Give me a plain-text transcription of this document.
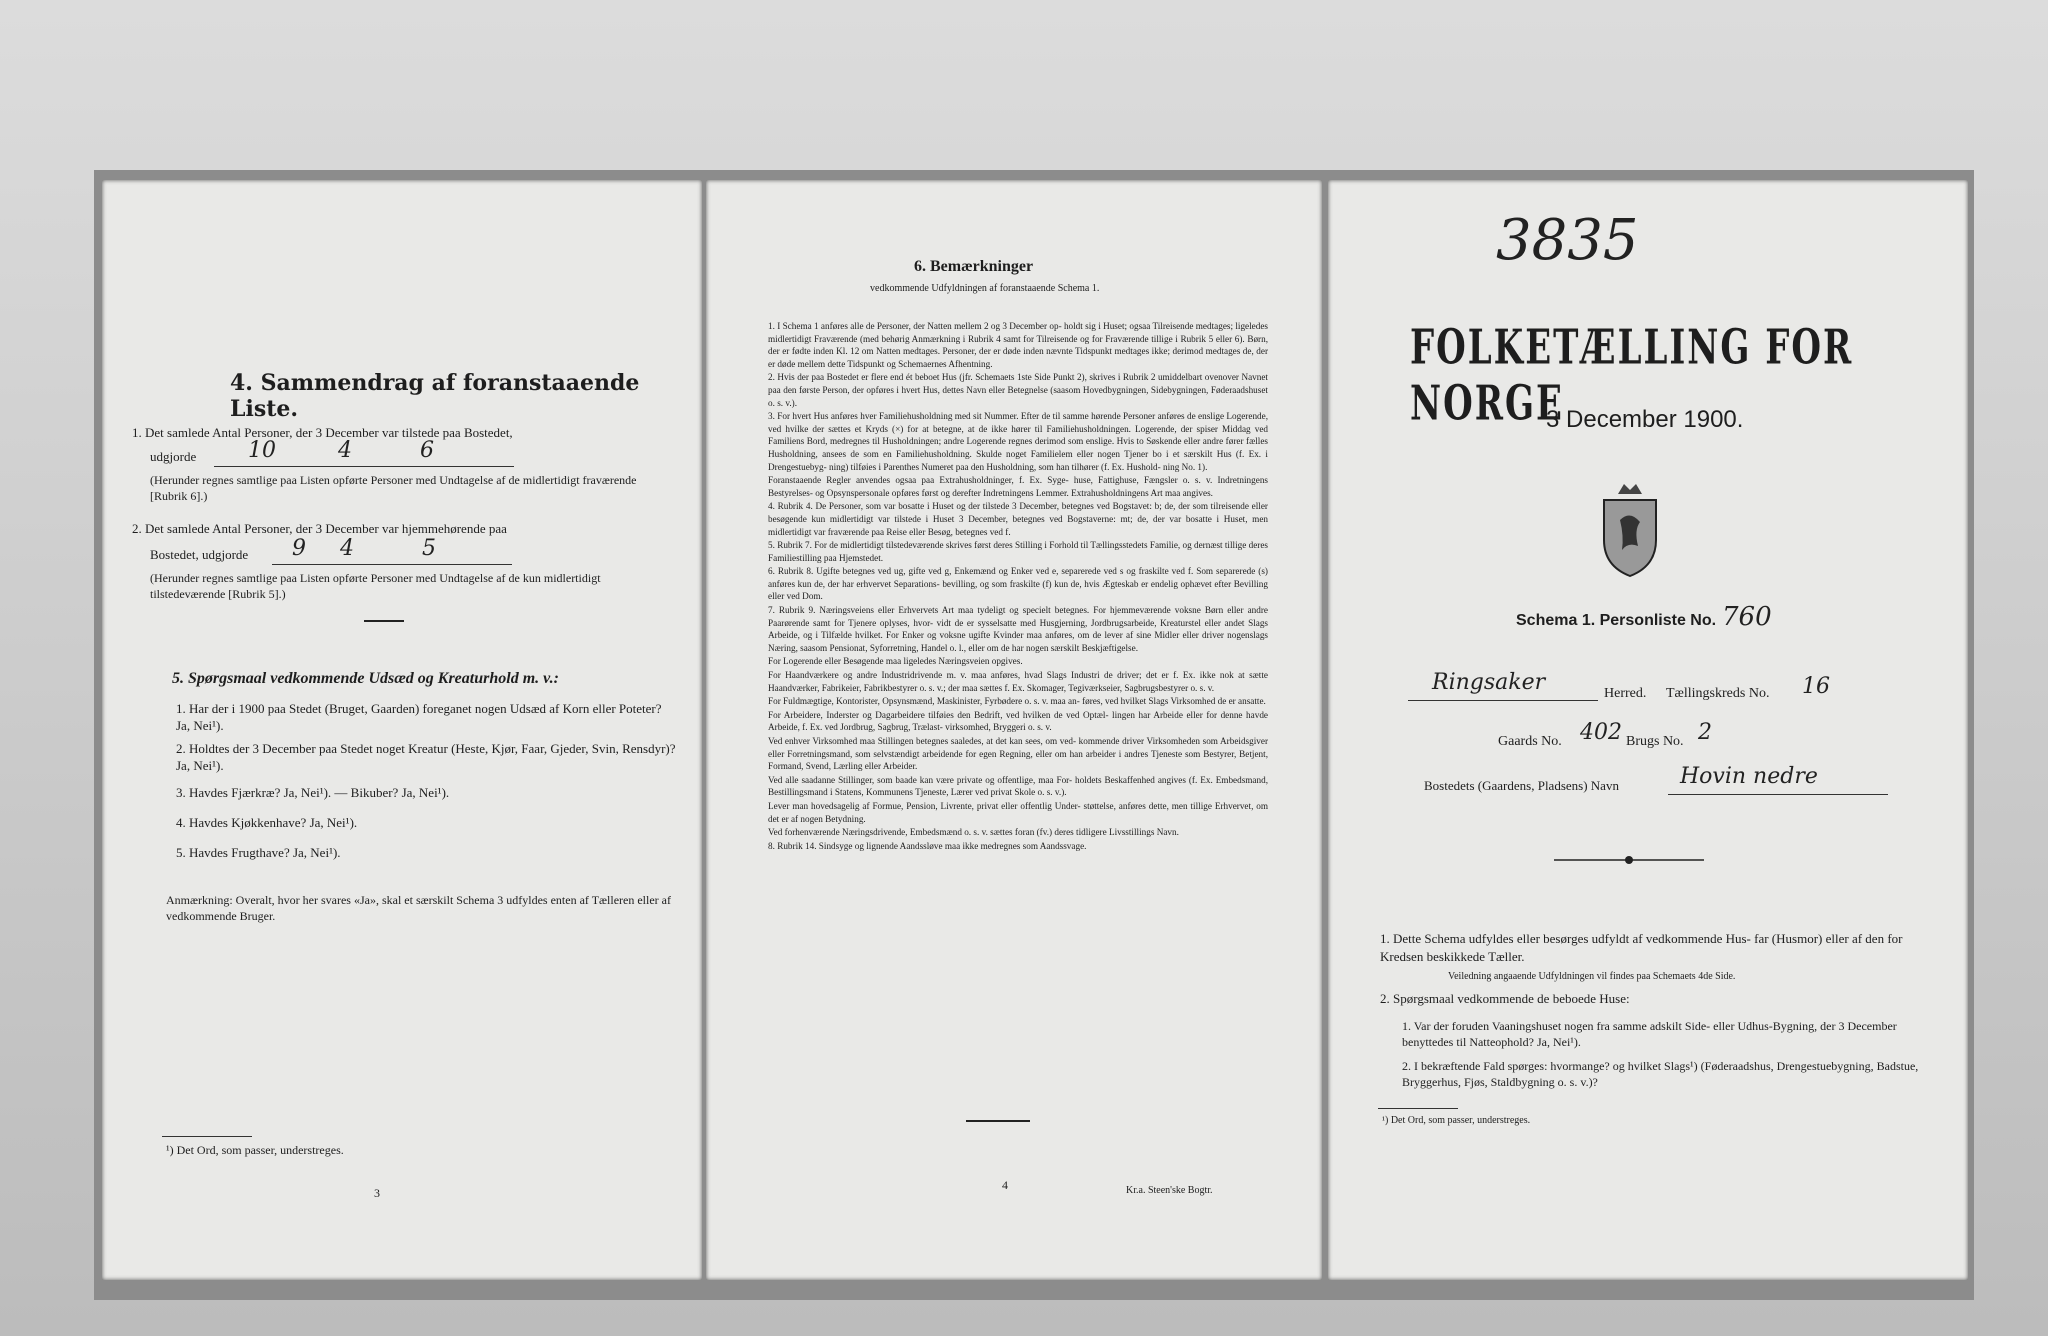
4. Sammendrag af foranstaaende Liste.
1. Det samlede Antal Personer, der 3 December var tilstede paa Bostedet,
udgjorde 10	4	6
(Herunder regnes samtlige paa Listen opførte Personer med Undtagelse af de midlertidigt fraværende [Rubrik 6].)
2. Det samlede Antal Personer, der 3 December var hjemmehørende paa
Bostedet, udgjorde 9 4	5
(Herunder regnes samtlige paa Listen opførte Personer med Undtagelse af de kun midlertidigt tilstedeværende [Rubrik 5].)
5. Spørgsmaal vedkommende Udsæd og Kreaturhold m. v.:
1. Har der i 1900 paa Stedet (Bruget, Gaarden) foreganet nogen Udsæd af Korn eller Poteter? Ja, Nei¹).
2. Holdtes der 3 December paa Stedet noget Kreatur (Heste, Kjør, Faar, Gjeder, Svin, Rensdyr)? Ja, Nei¹).
3. Havdes Fjærkræ? Ja, Nei¹). — Bikuber? Ja, Nei¹).
4. Havdes Kjøkkenhave? Ja, Nei¹).
5. Havdes Frugthave? Ja, Nei¹).
Anmærkning: Overalt, hvor her svares «Ja», skal et særskilt Schema 3 udfyldes enten af Tælleren eller af vedkommende Bruger.
¹) Det Ord, som passer, understreges.
3
6. Bemærkninger
vedkommende Udfyldningen af foranstaaende Schema 1.

1. I Schema 1 anføres alle de Personer, der Natten mellem 2 og 3 December op- holdt sig i Huset; ogsaa Tilreisende medtages; ligeledes midlertidigt Fraværende (med behørig Anmærkning i Rubrik 4 samt for Tilreisende og for Fraværende tillige i Rubrik 5 eller 6). Børn, der er fødte inden Kl. 12 om Natten medtages. Personer, der er døde inden nævnte Tidspunkt medtages ikke; derimod medtages de, der er døde mellem dette Tidspunkt og Schemaernes Afhentning.

2. Hvis der paa Bostedet er flere end ét beboet Hus (jfr. Schemaets 1ste Side Punkt 2), skrives i Rubrik 2 umiddelbart ovenover Navnet paa den første Person, der opføres i hvert Hus, dettes Navn eller Betegnelse (saasom Hovedbygningen, Sidebygningen, Føderaadshuset o. s. v.).

3. For hvert Hus anføres hver Familiehusholdning med sit Nummer. Efter de til samme hørende Personer anføres de enslige Logerende, ved hvilke der sættes et Kryds (×) for at betegne, at de ikke hører til Familiehusholdningen. Logerende, der spiser Middag ved Familiens Bord, medregnes til Husholdningen; andre Logerende regnes derimod som enslige. Hvis to Søskende eller andre fører fælles Husholdning, ansees de som en Familiehusholdning. Skulde noget Familielem eller nogen Tjener bo i et særskilt Hus (f. Ex. i Drengestuebyg- ning) tilføies i Parenthes Numeret paa den Husholdning, som han tilhører (f. Ex. Hushold- ning No. 1).

Foranstaaende Regler anvendes ogsaa paa Extrahusholdninger, f. Ex. Syge- huse, Fattighuse, Fængsler o. s. v. Indretningens Bestyrelses- og Opsynspersonale opføres først og derefter Indretningens Lemmer. Extrahusholdningens Art maa angives.

4. Rubrik 4. De Personer, som var bosatte i Huset og der tilstede 3 December, betegnes ved Bogstavet: b; de, der som tilreisende eller besøgende kun midlertidigt var tilstede i Huset 3 December, betegnes ved Bogstaverne: mt; de, der var bosatte i Huset, men midlertidigt var fraværende paa Reise eller Besøg, betegnes ved f.

5. Rubrik 7. For de midlertidigt tilstedeværende skrives først deres Stilling i Forhold til Tællingsstedets Familie, og dernæst tillige deres Familiestilling paa Hjemstedet.

6. Rubrik 8. Ugifte betegnes ved ug, gifte ved g, Enkemænd og Enker ved e, separerede ved s og fraskilte ved f. Som separerede (s) anføres kun de, der har erhvervet Separations- bevilling, og som fraskilte (f) kun de, hvis Ægteskab er endelig ophævet efter Bevilling eller ved Dom.

7. Rubrik 9. Næringsveiens eller Erhvervets Art maa tydeligt og specielt betegnes. For hjemmeværende voksne Børn eller andre Paarørende samt for Tjenere oplyses, hvor- vidt de er sysselsatte med Husgjerning, Jordbrugsarbeide, Kreaturstel eller andet Slags Arbeide, og i Tilfælde hvilket. For Enker og voksne ugifte Kvinder maa anføres, om de lever af sine Midler eller driver nogenslags Næring, saasom Pensionat, Syforretning, Handel o. l., eller om de har nogen særskilt Beskjæftigelse.

For Logerende eller Besøgende maa ligeledes Næringsveien opgives.

For Haandværkere og andre Industridrivende m. v. maa anføres, hvad Slags Industri de driver; det er f. Ex. ikke nok at sætte Haandværker, Fabrikeier, Fabrikbestyrer o. s. v.; der maa sættes f. Ex. Skomager, Tegiværkseier, Sagbrugsbestyrer o. s. v.

For Fuldmægtige, Kontorister, Opsynsmænd, Maskinister, Fyrbødere o. s. v. maa an- føres, ved hvilket Slags Virksomhed de er ansatte.

For Arbeidere, Inderster og Dagarbeidere tilføies den Bedrift, ved hvilken de ved Optæl- lingen har Arbeide eller for denne havde Arbeide, f. Ex. ved Jordbrug, Sagbrug, Trælast- virksomhed, Bryggeri o. s. v.

Ved enhver Virksomhed maa Stillingen betegnes saaledes, at det kan sees, om ved- kommende driver Virksomheden som Arbeidsgiver eller Forretningsmand, som selvstændigt arbeidende for egen Regning, eller om han arbeider i andres Tjeneste som Bestyrer, Betjent, Formand, Svend, Lærling eller Arbeider.

Ved alle saadanne Stillinger, som baade kan være private og offentlige, maa For- holdets Beskaffenhed angives (f. Ex. Embedsmand, Bestillingsmand i Statens, Kommunens Tjeneste, Lærer ved privat Skole o. s. v.).

Lever man hovedsagelig af Formue, Pension, Livrente, privat eller offentlig Under- støttelse, anføres dette, men tillige Erhvervet, om det er af nogen Betydning.

Ved forhenværende Næringsdrivende, Embedsmænd o. s. v. sættes foran (fv.) deres tidligere Livsstillings Navn.

8. Rubrik 14. Sindsyge og lignende Aandssløve maa ikke medregnes som Aandssvage.

4	Kr.a. Steen'ske Bogtr.
3835
FOLKETÆLLING FOR NORGE
3 December 1900.
Schema 1. Personliste No. 760
Ringsaker	Herred. Tællingskreds No. 16
Gaards No. 402 Brugs No. 2
Bostedets (Gaardens, Pladsens) Navn	Hovin nedre
1. Dette Schema udfyldes eller besørges udfyldt af vedkommende Hus- far (Husmor) eller af den for Kredsen beskikkede Tæller.
Veiledning angaaende Udfyldningen vil findes paa Schemaets 4de Side.
2. Spørgsmaal vedkommende de beboede Huse:
1. Var der foruden Vaaningshuset nogen fra samme adskilt Side- eller Udhus-Bygning, der 3 December benyttedes til Natteophold? Ja, Nei¹).
2. I bekræftende Fald spørges: hvormange? og hvilket Slags¹) (Føderaadshus, Drengestuebygning, Badstue, Bryggerhus, Fjøs, Staldbygning o. s. v.)?
¹) Det Ord, som passer, understreges.
